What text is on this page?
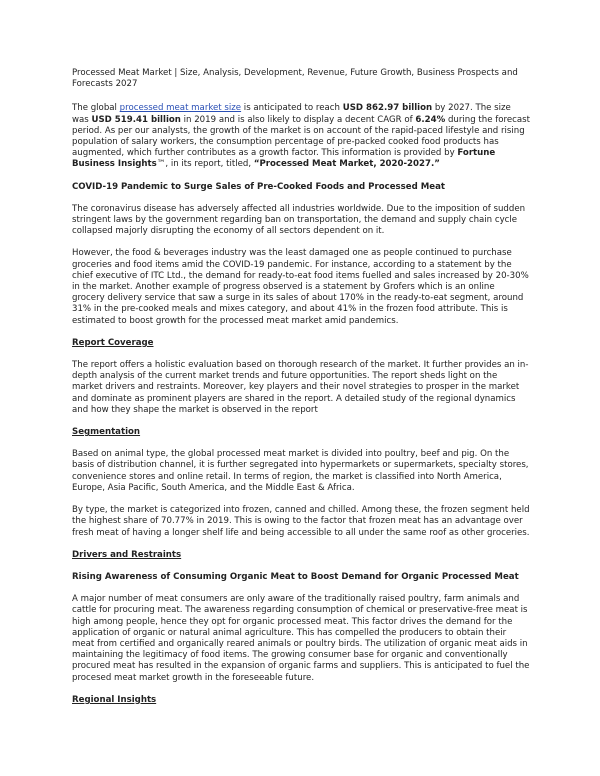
Processed Meat Market | Size, Analysis, Development, Revenue, Future Growth, Business Prospects and Forecasts 2027

The global processed meat market size is anticipated to reach USD 862.97 billion by 2027. The size was USD 519.41 billion in 2019 and is also likely to display a decent CAGR of 6.24% during the forecast period. As per our analysts, the growth of the market is on account of the rapid-paced lifestyle and rising population of salary workers, the consumption percentage of pre-packed cooked food products has augmented, which further contributes as a growth factor. This information is provided by Fortune Business Insights™, in its report, titled, “Processed Meat Market, 2020-2027.”

COVID-19 Pandemic to Surge Sales of Pre-Cooked Foods and Processed Meat

The coronavirus disease has adversely affected all industries worldwide. Due to the imposition of sudden stringent laws by the government regarding ban on transportation, the demand and supply chain cycle collapsed majorly disrupting the economy of all sectors dependent on it.

However, the food & beverages industry was the least damaged one as people continued to purchase groceries and food items amid the COVID-19 pandemic. For instance, according to a statement by the chief executive of ITC Ltd., the demand for ready-to-eat food items fuelled and sales increased by 20-30% in the market. Another example of progress observed is a statement by Grofers which is an online grocery delivery service that saw a surge in its sales of about 170% in the ready-to-eat segment, around 31% in the pre-cooked meals and mixes category, and about 41% in the frozen food attribute. This is estimated to boost growth for the processed meat market amid pandemics.

Report Coverage

The report offers a holistic evaluation based on thorough research of the market. It further provides an in-depth analysis of the current market trends and future opportunities. The report sheds light on the market drivers and restraints. Moreover, key players and their novel strategies to prosper in the market and dominate as prominent players are shared in the report. A detailed study of the regional dynamics and how they shape the market is observed in the report

Segmentation

Based on animal type, the global processed meat market is divided into poultry, beef and pig. On the basis of distribution channel, it is further segregated into hypermarkets or supermarkets, specialty stores, convenience stores and online retail. In terms of region, the market is classified into North America, Europe, Asia Pacific, South America, and the Middle East & Africa.

By type, the market is categorized into frozen, canned and chilled. Among these, the frozen segment held the highest share of 70.77% in 2019. This is owing to the factor that frozen meat has an advantage over fresh meat of having a longer shelf life and being accessible to all under the same roof as other groceries.

Drivers and Restraints

Rising Awareness of Consuming Organic Meat to Boost Demand for Organic Processed Meat

A major number of meat consumers are only aware of the traditionally raised poultry, farm animals and cattle for procuring meat. The awareness regarding consumption of chemical or preservative-free meat is high among people, hence they opt for organic processed meat. This factor drives the demand for the application of organic or natural animal agriculture. This has compelled the producers to obtain their meat from certified and organically reared animals or poultry birds. The utilization of organic meat aids in maintaining the legitimacy of food items. The growing consumer base for organic and conventionally procured meat has resulted in the expansion of organic farms and suppliers. This is anticipated to fuel the procesed meat market growth in the foreseeable future.

Regional Insights
